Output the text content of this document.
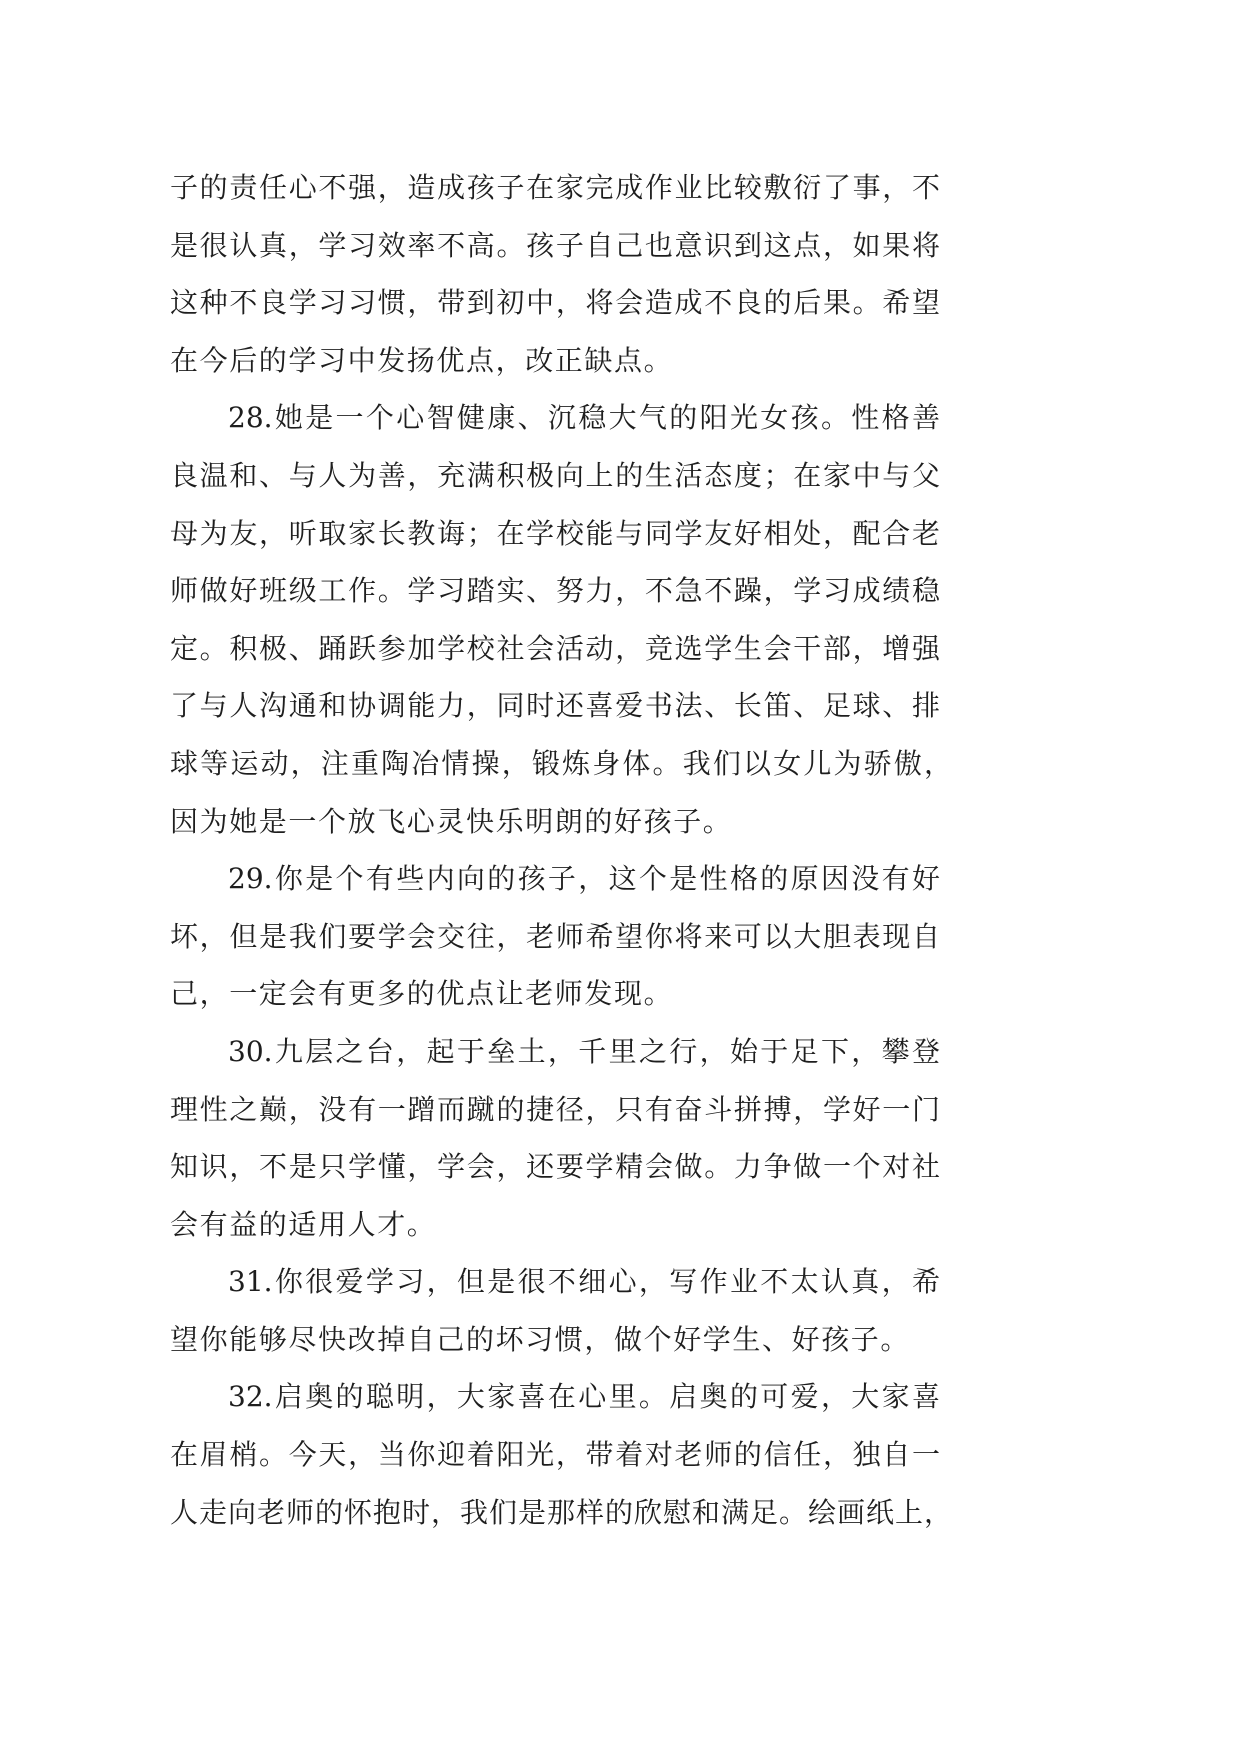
子的责任心不强，造成孩子在家完成作业比较敷衍了事，不
是很认真，学习效率不高。孩子自己也意识到这点，如果将
这种不良学习习惯，带到初中，将会造成不良的后果。希望
在今后的学习中发扬优点，改正缺点。
28.她是一个心智健康、沉稳大气的阳光女孩。性格善
良温和、与人为善，充满积极向上的生活态度；在家中与父
母为友，听取家长教诲；在学校能与同学友好相处，配合老
师做好班级工作。学习踏实、努力，不急不躁，学习成绩稳
定。积极、踊跃参加学校社会活动，竞选学生会干部，增强
了与人沟通和协调能力，同时还喜爱书法、长笛、足球、排
球等运动，注重陶冶情操，锻炼身体。我们以女儿为骄傲，
因为她是一个放飞心灵快乐明朗的好孩子。
29.你是个有些内向的孩子，这个是性格的原因没有好
坏，但是我们要学会交往，老师希望你将来可以大胆表现自
己，一定会有更多的优点让老师发现。
30.九层之台，起于垒土，千里之行，始于足下，攀登
理性之巅，没有一蹭而蹴的捷径，只有奋斗拼搏，学好一门
知识，不是只学懂，学会，还要学精会做。力争做一个对社
会有益的适用人才。
31.你很爱学习，但是很不细心，写作业不太认真，希
望你能够尽快改掉自己的坏习惯，做个好学生、好孩子。
32.启奥的聪明，大家喜在心里。启奥的可爱，大家喜
在眉梢。今天，当你迎着阳光，带着对老师的信任，独自一
人走向老师的怀抱时，我们是那样的欣慰和满足。绘画纸上，
